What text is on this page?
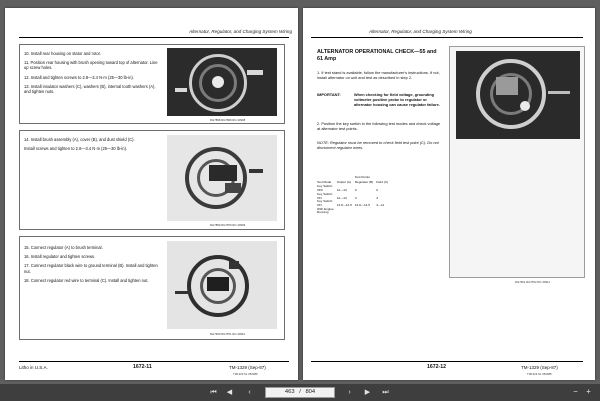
Alternator, Regulator, and Charging System Wiring

10. Install rear housing on stator and rotor.

11. Position rear housing with brush opening toward top of alternator. Line up screw holes.

12. Install and tighten screws to 2.8—3.4 N·m (25—30 lb-in).

13. Install insulator washers (C), washers (B), internal tooth washers (A), and tighten nuts.

RG7898 RG7869 RG 33908

14. Install brush assembly (A), cover (B), and dust shield (C).

Install screws and tighten to 2.8—3.4 N·m (25—30 lb-in).

RG7899 RG7870 RG 33909

15. Connect regulator (A) to brush terminal.

16. Install regulator and tighten screws.

17. Connect regulator black wire to ground terminal (B). Install and tighten nut.

18. Connect regulator red wire to terminal (C). Install and tighten nut.

RG7900 RG7871 RG 33910
Litho in U.S.A.	1672-11	TM-1329 (Sep-87)
TM1329 S1 050988
Alternator, Regulator, and Charging System Wiring
ALTERNATOR OPERATIONAL CHECK—55 and 61 Amp
1. If test stand is available, follow the manufacturer's instructions. If not, install alternator on unit and test as described in step 2.
IMPORTANT:	When checking for field voltage, grounding voltmeter positive probe to regulator or alternator housing can cause regulator failure.
2. Position the key switch in the following test modes and check voltage at alternator test points.
NOTE: Regulator must be removed to check field test point (C). Do not disconnect regulator wires.
	Test Points		
Test Mode	Output (A)	Regulator (B)	Field (C)
Key Switch			
OFF	12—13	0	0
Key Switch			
ON	12—13	3	3
Key Switch			
ON	13.8—14.5	12.8—14.5	3—11
With Engine			
Running			
RG7901 RG7872 RG 33911
1672-12	TM-1329 (Sep-87)
TM1329 S1 050988
⏮	◀	‹	463 / 804	›	▶	⏭	−	+
